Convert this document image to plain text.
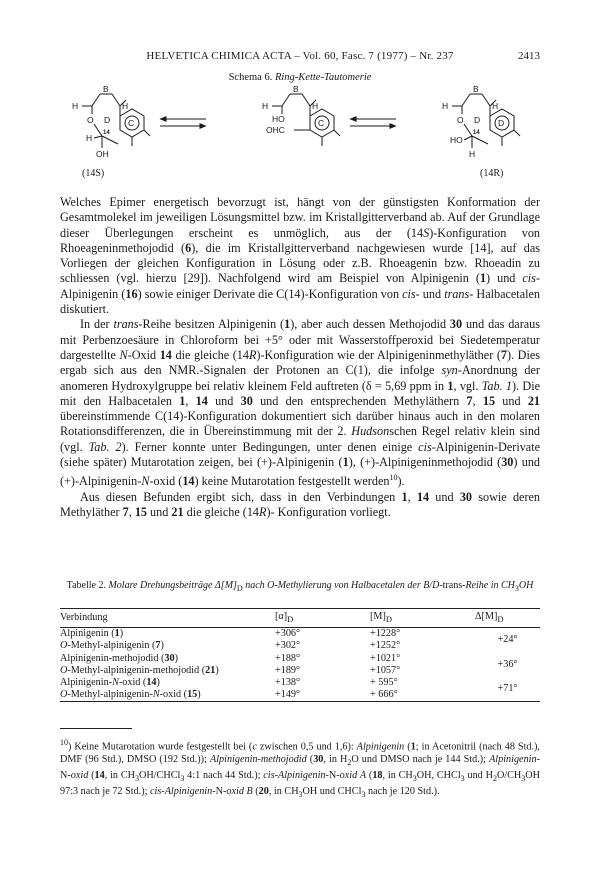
HELVETICA CHIMICA ACTA – Vol. 60, Fasc. 7 (1977) – Nr. 237	2413
Schema 6. Ring-Kette-Tautomerie
H
B
H
O D
14
H
OH
C
(14S)
H
B
H
HO
OHC
C
H
B
H
O D
14
HO
H
D
(14R)

Welches Epimer energetisch bevorzugt ist, hängt von der günstigsten Konformation der Gesamtmolekel im jeweiligen Lösungsmittel bzw. im Kristallgitterverband ab. Auf der Grundlage dieser Überlegungen erscheint es unmöglich, aus der (14S)-Konfiguration von Rhoeageninmethojodid (6), die im Kristallgitterverband nachgewiesen wurde [14], auf das Vorliegen der gleichen Konfiguration in Lösung oder z.B. Rhoeagenin bzw. Rhoeadin zu schliessen (vgl. hierzu [29]). Nachfolgend wird am Beispiel von Alpinigenin (1) und cis-Alpinigenin (16) sowie einiger Derivate die C(14)-Konfiguration von cis- und trans- Halbacetalen diskutiert.

In der trans-Reihe besitzen Alpinigenin (1), aber auch dessen Methojodid 30 und das daraus mit Perbenzoesäure in Chloroform bei +5° oder mit Wasserstoffperoxid bei Siedetemperatur dargestellte N-Oxid 14 die gleiche (14R)-Konfiguration wie der Alpinigeninmethyläther (7). Dies ergab sich aus den NMR.-Signalen der Protonen an C(1), die infolge syn-Anordnung der anomeren Hydroxylgruppe bei relativ kleinem Feld auftreten (δ = 5,69 ppm in 1, vgl. Tab. 1). Die mit den Halbacetalen 1, 14 und 30 und den entsprechenden Methyläthern 7, 15 und 21 übereinstimmende C(14)-Konfiguration dokumentiert sich darüber hinaus auch in den molaren Rotationsdifferenzen, die in Übereinstimmung mit der 2. Hudsonschen Regel relativ klein sind (vgl. Tab. 2). Ferner konnte unter Bedingungen, unter denen einige cis-Alpinigenin-Derivate (siehe später) Mutarotation zeigen, bei (+)-Alpinigenin (1), (+)-Alpinigeninmethojodid (30) und (+)-Alpinigenin-N-oxid (14) keine Mutarotation festgestellt werden$^{10}$).

Aus diesen Befunden ergibt sich, dass in den Verbindungen 1, 14 und 30 sowie deren Methyläther 7, 15 und 21 die gleiche (14R)- Konfiguration vorliegt.

Tabelle 2. Molare Drehungsbeiträge $\Delta[M]_D$ nach O-Methylierung von Halbacetalen der B/D-trans-Reihe in $CH_3OH$
Verbindung	$[\alpha]_D$	$[M]_D$	$\Delta[M]_D$
Alpinigenin (1)	+306°	+1228°	+24°
O-Methyl-alpinigenin (7)	+302°	+1252°	
Alpinigenin-methojodid (30)	+188°	+1021°	+36°
O-Methyl-alpinigenin-methojodid (21)	+189°	+1057°	
Alpinigenin-N-oxid (14)	+138°	+ 595°	+71°
O-Methyl-alpinigenin-N-oxid (15)	+149°	+ 666°	
$^{10}$) Keine Mutarotation wurde festgestellt bei (c zwischen 0,5 und 1,6): Alpinigenin (1; in Acetonitril (nach 48 Std.), DMF (96 Std.), DMSO (192 Std.)); Alpinigenin-methojodid (30, in $H_2O$ und DMSO nach je 144 Std.); Alpinigenin-N-oxid (14, in $CH_3OH/CHCl_3$ 4:1 nach 44 Std.); cis-Alpinigenin-N-oxid A (18, in $CH_3OH$, CHCl$_3$ und $H_2O/CH_3OH$ 97:3 nach je 72 Std.); cis-Alpinigenin-N-oxid B (20, in $CH_3OH$ und CHCl$_3$ nach je 120 Std.).
